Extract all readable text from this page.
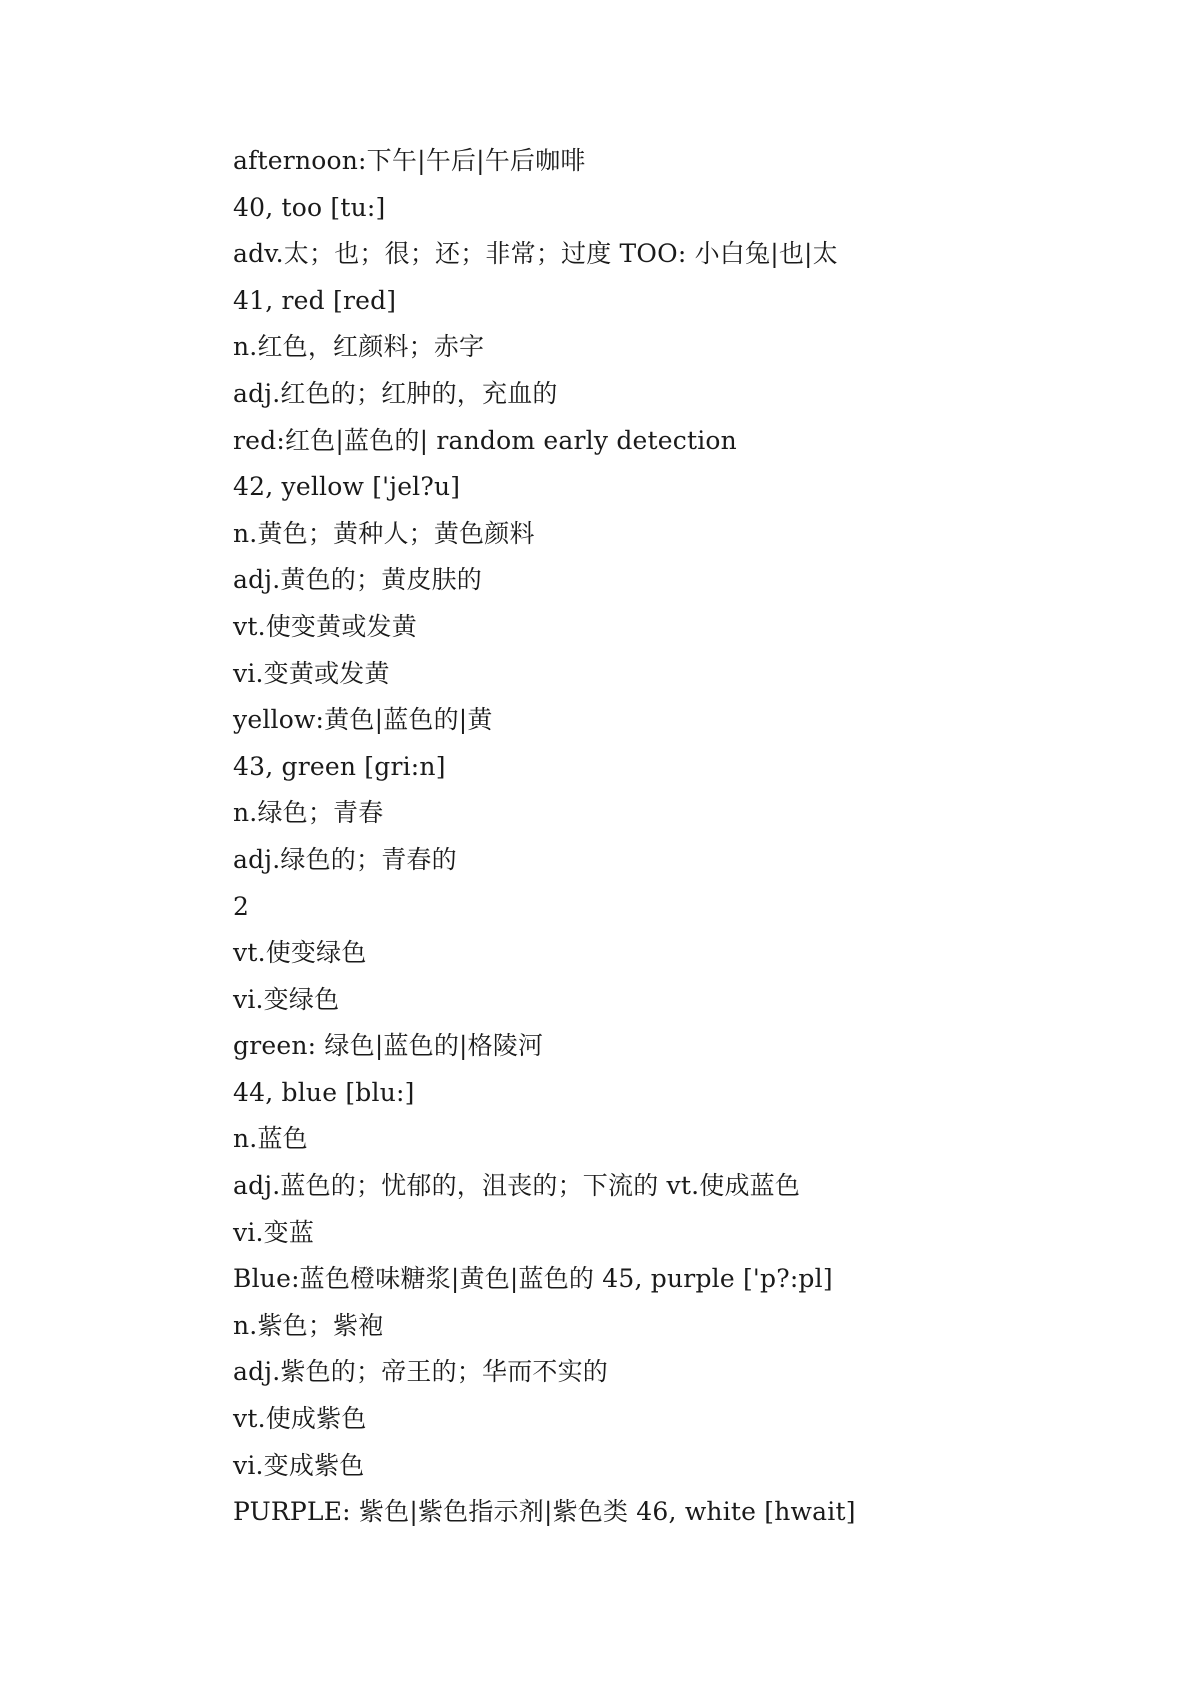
afternoon:下午|午后|午后咖啡
40, too [tu:]
adv.太；也；很；还；非常；过度 TOO: 小白兔|也|太
41, red [red]
n.红色，红颜料；赤字
adj.红色的；红肿的，充血的
red:红色|蓝色的| random early detection
42, yellow ['jel?u]
n.黄色；黄种人；黄色颜料
adj.黄色的；黄皮肤的
vt.使变黄或发黄
vi.变黄或发黄
yellow:黄色|蓝色的|黄
43, green [gri:n]
n.绿色；青春
adj.绿色的；青春的
2
vt.使变绿色
vi.变绿色
green: 绿色|蓝色的|格陵河
44, blue [blu:]
n.蓝色
adj.蓝色的；忧郁的，沮丧的；下流的 vt.使成蓝色
vi.变蓝
Blue:蓝色橙味糖浆|黄色|蓝色的 45, purple ['p?:pl]
n.紫色；紫袍
adj.紫色的；帝王的；华而不实的
vt.使成紫色
vi.变成紫色
PURPLE: 紫色|紫色指示剂|紫色类 46, white [hwait]
